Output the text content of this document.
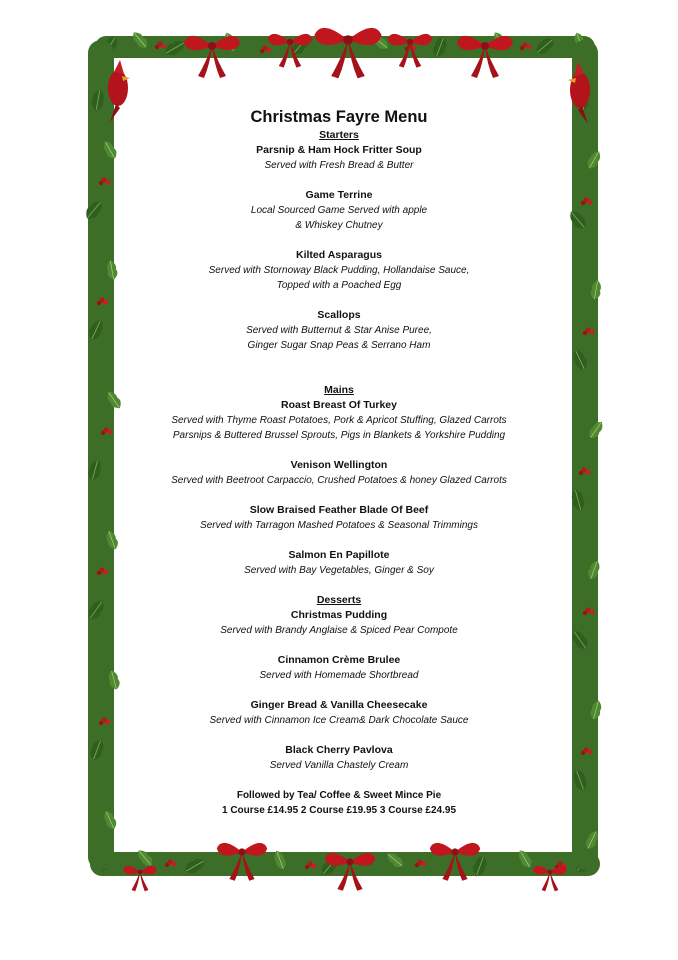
Christmas Fayre Menu

Starters

Parsnip & Ham Hock Fritter Soup

Served with Fresh Bread & Butter

Game Terrine

Local Sourced Game Served with apple
& Whiskey Chutney

Kilted Asparagus

Served with Stornoway Black Pudding, Hollandaise Sauce,
Topped with a Poached Egg

Scallops

Served with Butternut & Star Anise Puree,
Ginger Sugar Snap Peas & Serrano Ham

Mains

Roast Breast Of Turkey

Served with Thyme Roast Potatoes, Pork & Apricot Stuffing, Glazed Carrots
Parsnips & Buttered Brussel Sprouts, Pigs in Blankets & Yorkshire Pudding

Venison Wellington

Served with Beetroot Carpaccio, Crushed Potatoes & honey Glazed Carrots

Slow Braised Feather Blade Of Beef

Served with Tarragon Mashed Potatoes & Seasonal Trimmings

Salmon En Papillote

Served with Bay Vegetables, Ginger & Soy

Desserts

Christmas Pudding

Served with Brandy Anglaise & Spiced Pear Compote

Cinnamon Crème Brulee

Served with Homemade Shortbread

Ginger Bread & Vanilla Cheesecake

Served with Cinnamon Ice Cream& Dark Chocolate Sauce

Black Cherry Pavlova

Served Vanilla Chastely Cream

Followed by Tea/ Coffee & Sweet Mince Pie

1 Course £14.95 2 Course £19.95 3 Course £24.95
